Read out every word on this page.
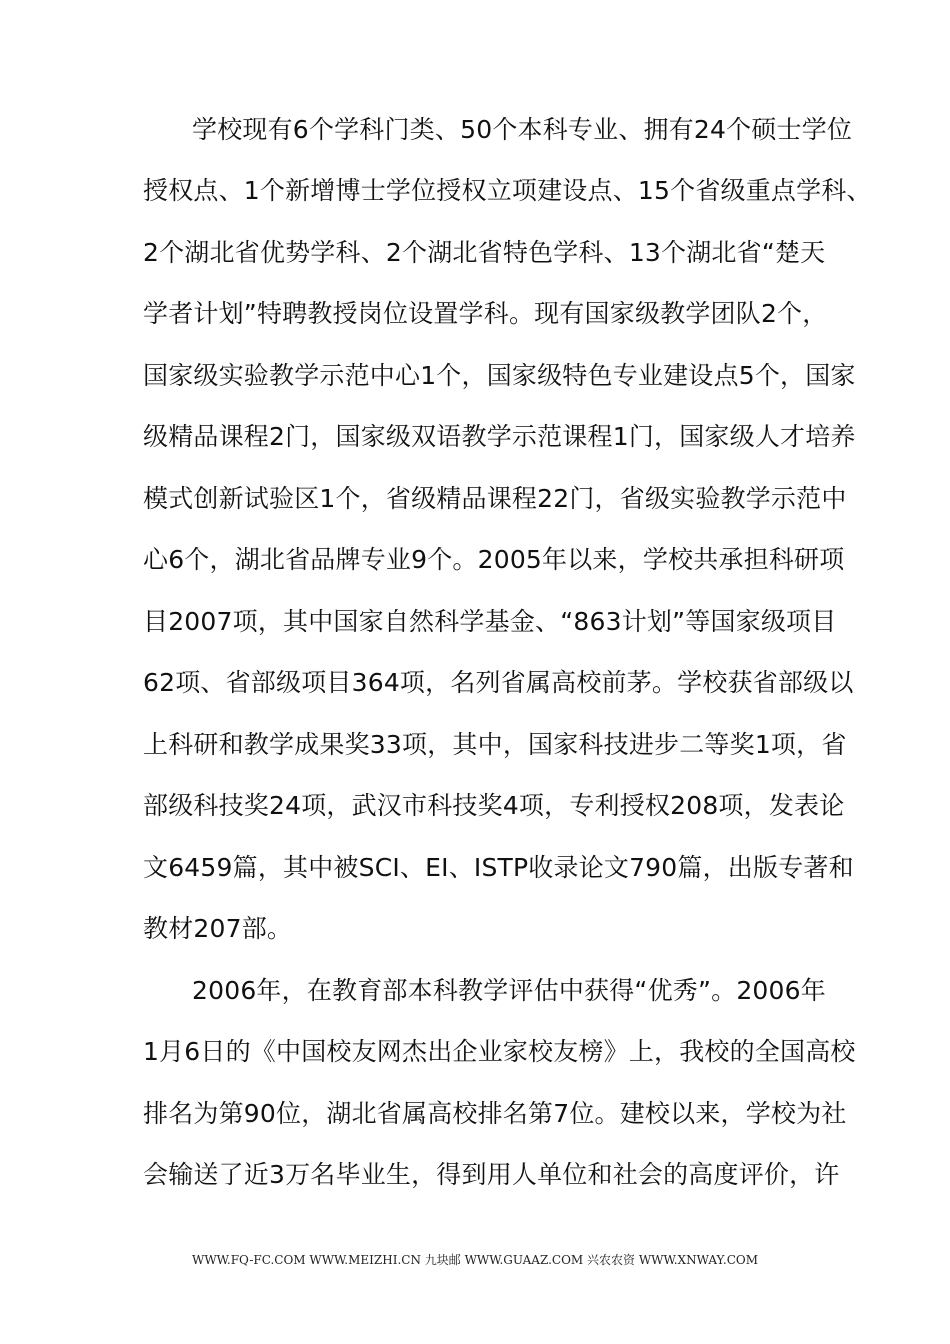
学校现有6个学科门类、50个本科专业、拥有24个硕士学位
授权点、1个新增博士学位授权立项建设点、15个省级重点学科、
2个湖北省优势学科、2个湖北省特色学科、13个湖北省“楚天
学者计划”特聘教授岗位设置学科。现有国家级教学团队2个，
国家级实验教学示范中心1个，国家级特色专业建设点5个，国家
级精品课程2门，国家级双语教学示范课程1门，国家级人才培养
模式创新试验区1个，省级精品课程22门，省级实验教学示范中
心6个，湖北省品牌专业9个。2005年以来，学校共承担科研项
目2007项，其中国家自然科学基金、“863计划”等国家级项目
62项、省部级项目364项，名列省属高校前茅。学校获省部级以
上科研和教学成果奖33项，其中，国家科技进步二等奖1项，省
部级科技奖24项，武汉市科技奖4项，专利授权208项，发表论
文6459篇，其中被SCI、EI、ISTP收录论文790篇，出版专著和
教材207部。
2006年，在教育部本科教学评估中获得“优秀”。2006年
1月6日的《中国校友网杰出企业家校友榜》上，我校的全国高校
排名为第90位，湖北省属高校排名第7位。建校以来，学校为社
会输送了近3万名毕业生，得到用人单位和社会的高度评价，许
WWW.FQ-FC.COM WWW.MEIZHI.CN 九块邮 WWW.GUAAZ.COM 兴农农资 WWW.XNWAY.COM
